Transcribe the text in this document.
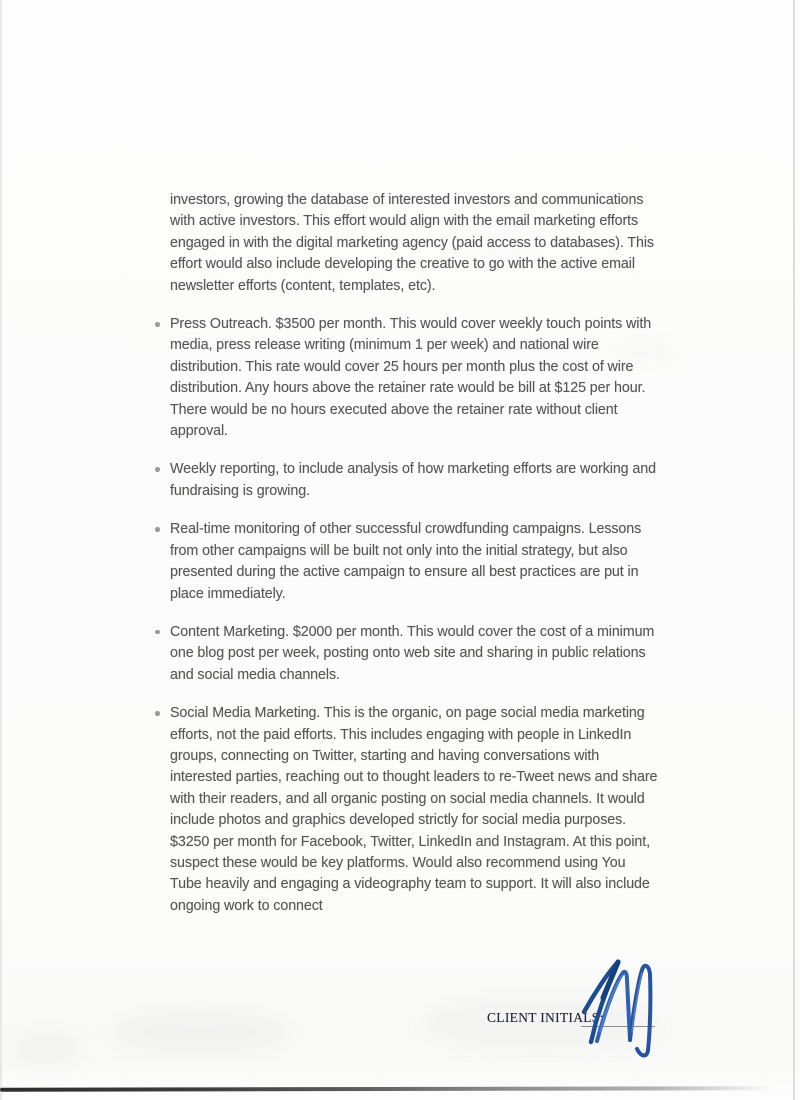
investors, growing the database of interested investors and communications with active investors. This effort would align with the email marketing efforts engaged in with the digital marketing agency (paid access to databases). This effort would also include developing the creative to go with the active email newsletter efforts (content, templates, etc).

Press Outreach. $3500 per month. This would cover weekly touch points with media, press release writing (minimum 1 per week) and national wire distribution. This rate would cover 25 hours per month plus the cost of wire distribution. Any hours above the retainer rate would be bill at $125 per hour. There would be no hours executed above the retainer rate without client approval.
Weekly reporting, to include analysis of how marketing efforts are working and fundraising is growing.
Real-time monitoring of other successful crowdfunding campaigns. Lessons from other campaigns will be built not only into the initial strategy, but also presented during the active campaign to ensure all best practices are put in place immediately.
Content Marketing. $2000 per month. This would cover the cost of a minimum one blog post per week, posting onto web site and sharing in public relations and social media channels.
Social Media Marketing. This is the organic, on page social media marketing efforts, not the paid efforts. This includes engaging with people in LinkedIn groups, connecting on Twitter, starting and having conversations with interested parties, reaching out to thought leaders to re-Tweet news and share with their readers, and all organic posting on social media channels. It would include photos and graphics developed strictly for social media purposes. $3250 per month for Facebook, Twitter, LinkedIn and Instagram. At this point, suspect these would be key platforms. Would also recommend using You Tube heavily and engaging a videography team to support. It will also include ongoing work to connect
CLIENT INITIALS:
